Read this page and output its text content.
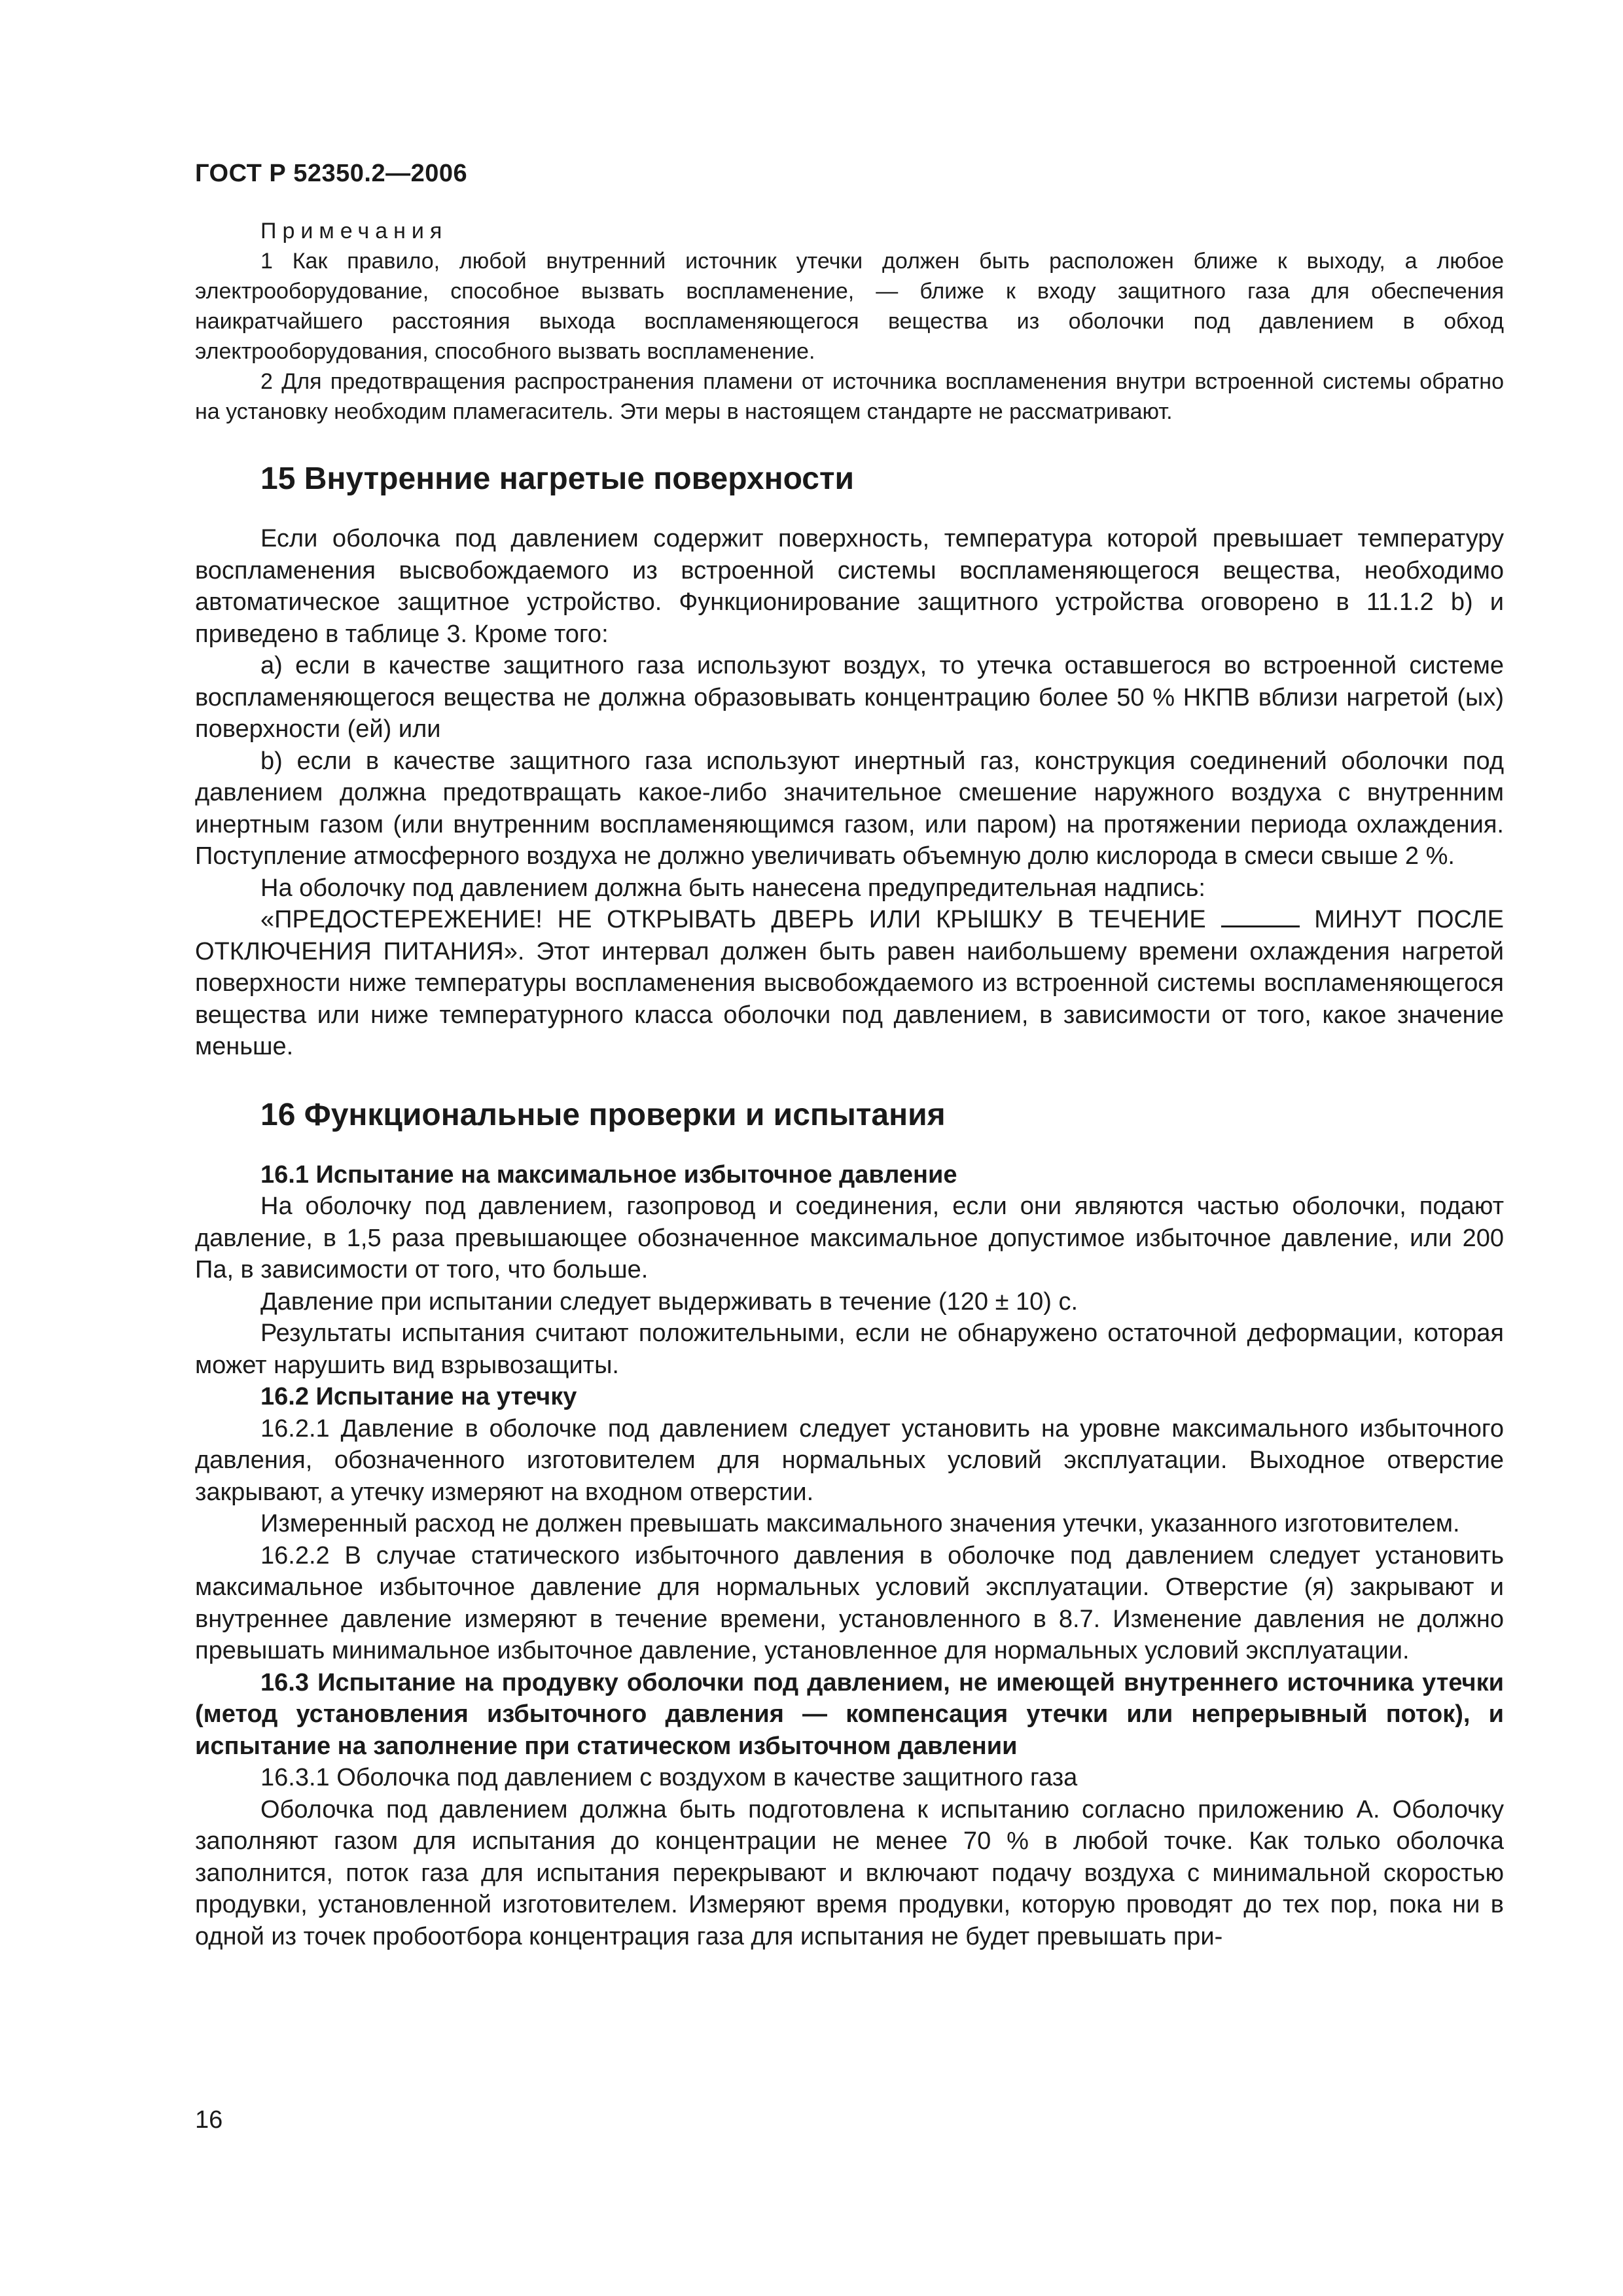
ГОСТ Р 52350.2—2006

Примечания

1 Как правило, любой внутренний источник утечки должен быть расположен ближе к выходу, а любое электрооборудование, способное вызвать воспламенение, — ближе к входу защитного газа для обеспечения наикратчайшего расстояния выхода воспламеняющегося вещества из оболочки под давлением в обход электрооборудования, способного вызвать воспламенение.

2 Для предотвращения распространения пламени от источника воспламенения внутри встроенной системы обратно на установку необходим пламегаситель. Эти меры в настоящем стандарте не рассматривают.

15 Внутренние нагретые поверхности

Если оболочка под давлением содержит поверхность, температура которой превышает температуру воспламенения высвобождаемого из встроенной системы воспламеняющегося вещества, необходимо автоматическое защитное устройство. Функционирование защитного устройства оговорено в 11.1.2 b) и приведено в таблице 3. Кроме того:

a) если в качестве защитного газа используют воздух, то утечка оставшегося во встроенной системе воспламеняющегося вещества не должна образовывать концентрацию более 50 % НКПВ вблизи нагретой (ых) поверхности (ей) или

b) если в качестве защитного газа используют инертный газ, конструкция соединений оболочки под давлением должна предотвращать какое-либо значительное смешение наружного воздуха с внутренним инертным газом (или внутренним воспламеняющимся газом, или паром) на протяжении периода охлаждения. Поступление атмосферного воздуха не должно увеличивать объемную долю кислорода в смеси свыше 2 %.

На оболочку под давлением должна быть нанесена предупредительная надпись:

«ПРЕДОСТЕРЕЖЕНИЕ! НЕ ОТКРЫВАТЬ ДВЕРЬ ИЛИ КРЫШКУ В ТЕЧЕНИЕ	МИНУТ ПОСЛЕ ОТКЛЮЧЕНИЯ ПИТАНИЯ». Этот интервал должен быть равен наибольшему времени охлаждения нагретой поверхности ниже температуры воспламенения высвобождаемого из встроенной системы воспламеняющегося вещества или ниже температурного класса оболочки под давлением, в зависимости от того, какое значение меньше.

16 Функциональные проверки и испытания

16.1 Испытание на максимальное избыточное давление

На оболочку под давлением, газопровод и соединения, если они являются частью оболочки, подают давление, в 1,5 раза превышающее обозначенное максимальное допустимое избыточное давление, или 200 Па, в зависимости от того, что больше.

Давление при испытании следует выдерживать в течение (120 ± 10) с.

Результаты испытания считают положительными, если не обнаружено остаточной деформации, которая может нарушить вид взрывозащиты.

16.2 Испытание на утечку

16.2.1 Давление в оболочке под давлением следует установить на уровне максимального избыточного давления, обозначенного изготовителем для нормальных условий эксплуатации. Выходное отверстие закрывают, а утечку измеряют на входном отверстии.

Измеренный расход не должен превышать максимального значения утечки, указанного изготовителем.

16.2.2 В случае статического избыточного давления в оболочке под давлением следует установить максимальное избыточное давление для нормальных условий эксплуатации. Отверстие (я) закрывают и внутреннее давление измеряют в течение времени, установленного в 8.7. Изменение давления не должно превышать минимальное избыточное давление, установленное для нормальных условий эксплуатации.

16.3 Испытание на продувку оболочки под давлением, не имеющей внутреннего источника утечки (метод установления избыточного давления — компенсация утечки или непрерывный поток), и испытание на заполнение при статическом избыточном давлении

16.3.1 Оболочка под давлением с воздухом в качестве защитного газа

Оболочка под давлением должна быть подготовлена к испытанию согласно приложению А. Оболочку заполняют газом для испытания до концентрации не менее 70 % в любой точке. Как только оболочка заполнится, поток газа для испытания перекрывают и включают подачу воздуха с минимальной скоростью продувки, установленной изготовителем. Измеряют время продувки, которую проводят до тех пор, пока ни в одной из точек пробоотбора концентрация газа для испытания не будет превышать при-

16
